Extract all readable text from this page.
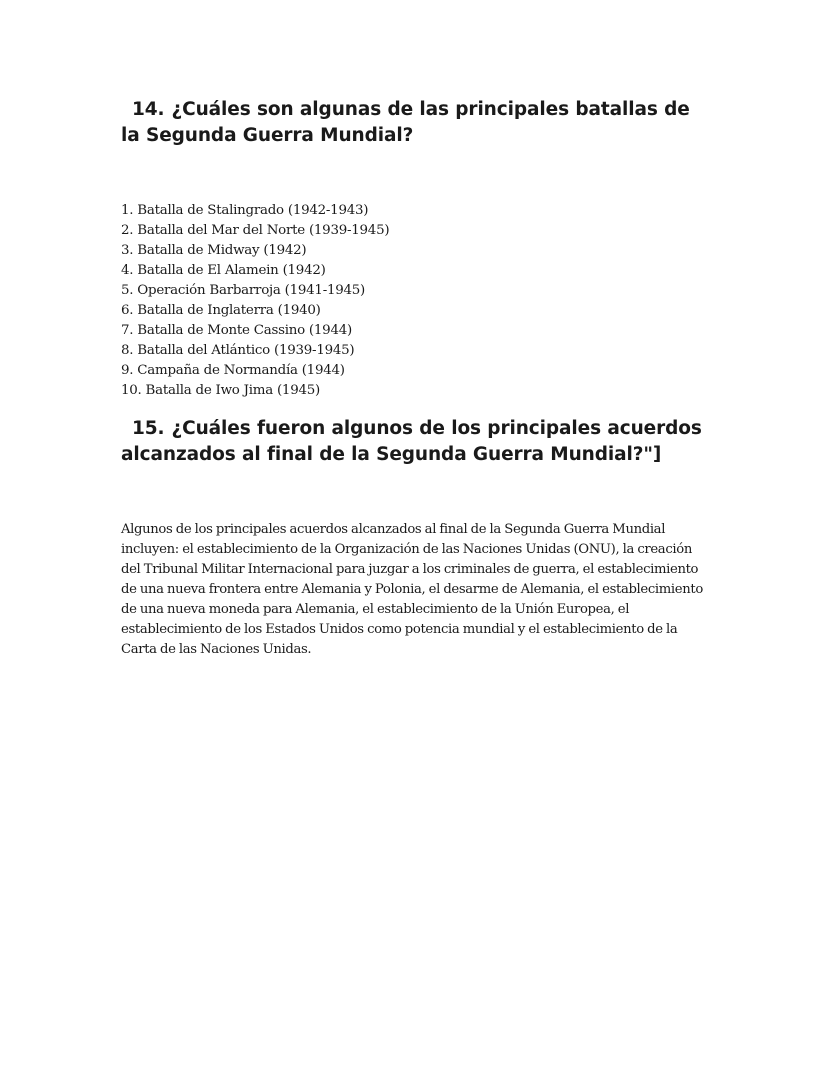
14. ¿Cuáles son algunas de las principales batallas de la Segunda Guerra Mundial?
1. Batalla de Stalingrado (1942-1943)
2. Batalla del Mar del Norte (1939-1945)
3. Batalla de Midway (1942)
4. Batalla de El Alamein (1942)
5. Operación Barbarroja (1941-1945)
6. Batalla de Inglaterra (1940)
7. Batalla de Monte Cassino (1944)
8. Batalla del Atlántico (1939-1945)
9. Campaña de Normandía (1944)
10. Batalla de Iwo Jima (1945)
15. ¿Cuáles fueron algunos de los principales acuerdos alcanzados al final de la Segunda Guerra Mundial?"]

Algunos de los principales acuerdos alcanzados al final de la Segunda Guerra Mundial incluyen: el establecimiento de la Organización de las Naciones Unidas (ONU), la creación del Tribunal Militar Internacional para juzgar a los criminales de guerra, el establecimiento de una nueva frontera entre Alemania y Polonia, el desarme de Alemania, el establecimiento de una nueva moneda para Alemania, el establecimiento de la Unión Europea, el establecimiento de los Estados Unidos como potencia mundial y el establecimiento de la Carta de las Naciones Unidas.
